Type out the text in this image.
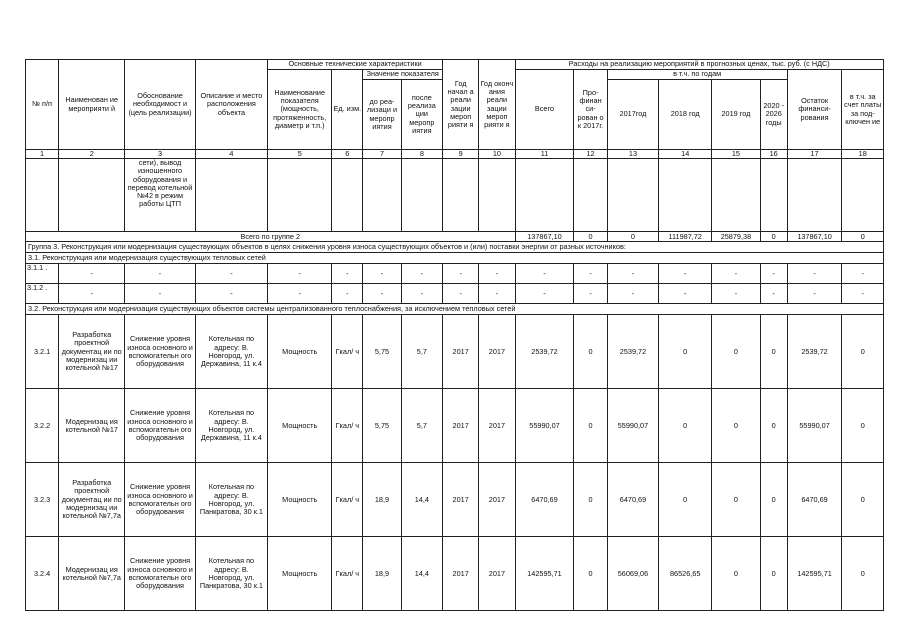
№ п/п	Наименован ие мероприяти й	Обоснование необходимост и (цель реализации)	Описание и место расположения объекта	Основные технические характеристики				Год начал а реали зации мероп рияти я	Год оконч ания реали зации мероп рияти я	Расходы на реализацию мероприятий в прогнозных ценах, тыс. руб. (с НДС)							
				Наименование показателя (мощность, протяженность, диаметр и т.п.)	Ед. изм.	Значение показателя				Всего	Про- финан си- рован о к 2017г.	в т.ч. по годам				Остаток финанси- рования	в т.ч. за счет платы за под- ключен ие
						до реа- лизаци и меропр иятия	после реализа ции меропр иятия					2017год	2018 год	2019 год	2020 - 2026 годы		
1	2	3	4	5	6	7	8	9	10	11	12	13	14	15	16	17	18
		сети), вывод изношенного оборудования и перевод котельной №42 в режим работы ЦТП															
Всего по группе 2										137867,10	0	0	111987,72	25879,38	0	137867,10	0
Группа 3. Реконструкция или модернизация существующих объектов в целях снижения уровня износа существующих объектов и (или) поставки энергии от разных источников:																	
3.1. Реконструкция или модернизация существующих тепловых сетей																	
3.1.1 .	-	-	-	-	-	-	-	-	-	-	-	-	-	-	-	-	-
3.1.2 .	-	-	-	-	-	-	-	-	-	-	-	-	-	-	-	-	-
3.2. Реконструкция или модернизация существующих объектов системы централизованного теплоснабжения, за исключением тепловых сетей																	
3.2.1	Разработка проектной документац ии по модернизац ии котельной №17	Снижение уровня износа основного и вспомогательн ого оборудования	Котельная по адресу: В. Новгород, ул. Державина, 11 к.4	Мощность	Гкал/ ч	5,75	5,7	2017	2017	2539,72	0	2539,72	0	0	0	2539,72	0
3.2.2	Модернизац ия котельной №17	Снижение уровня износа основного и вспомогательн ого оборудования	Котельная по адресу: В. Новгород, ул. Державина, 11 к.4	Мощность	Гкал/ ч	5,75	5,7	2017	2017	55990,07	0	55990,07	0	0	0	55990,07	0
3.2.3	Разработка проектной документац ии по модернизац ии котельной №7,7а	Снижение уровня износа основного и вспомогательн ого оборудования	Котельная по адресу: В. Новгород, ул. Панкратова, 30 к.1	Мощность	Гкал/ ч	18,9	14,4	2017	2017	6470,69	0	6470,69	0	0	0	6470,69	0
3.2.4	Модернизац ия котельной №7,7а	Снижение уровня износа основного и вспомогательн ого оборудования	Котельная по адресу: В. Новгород, ул. Панкратова, 30 к.1	Мощность	Гкал/ ч	18,9	14,4	2017	2017	142595,71	0	56069,06	86526,65	0	0	142595,71	0
